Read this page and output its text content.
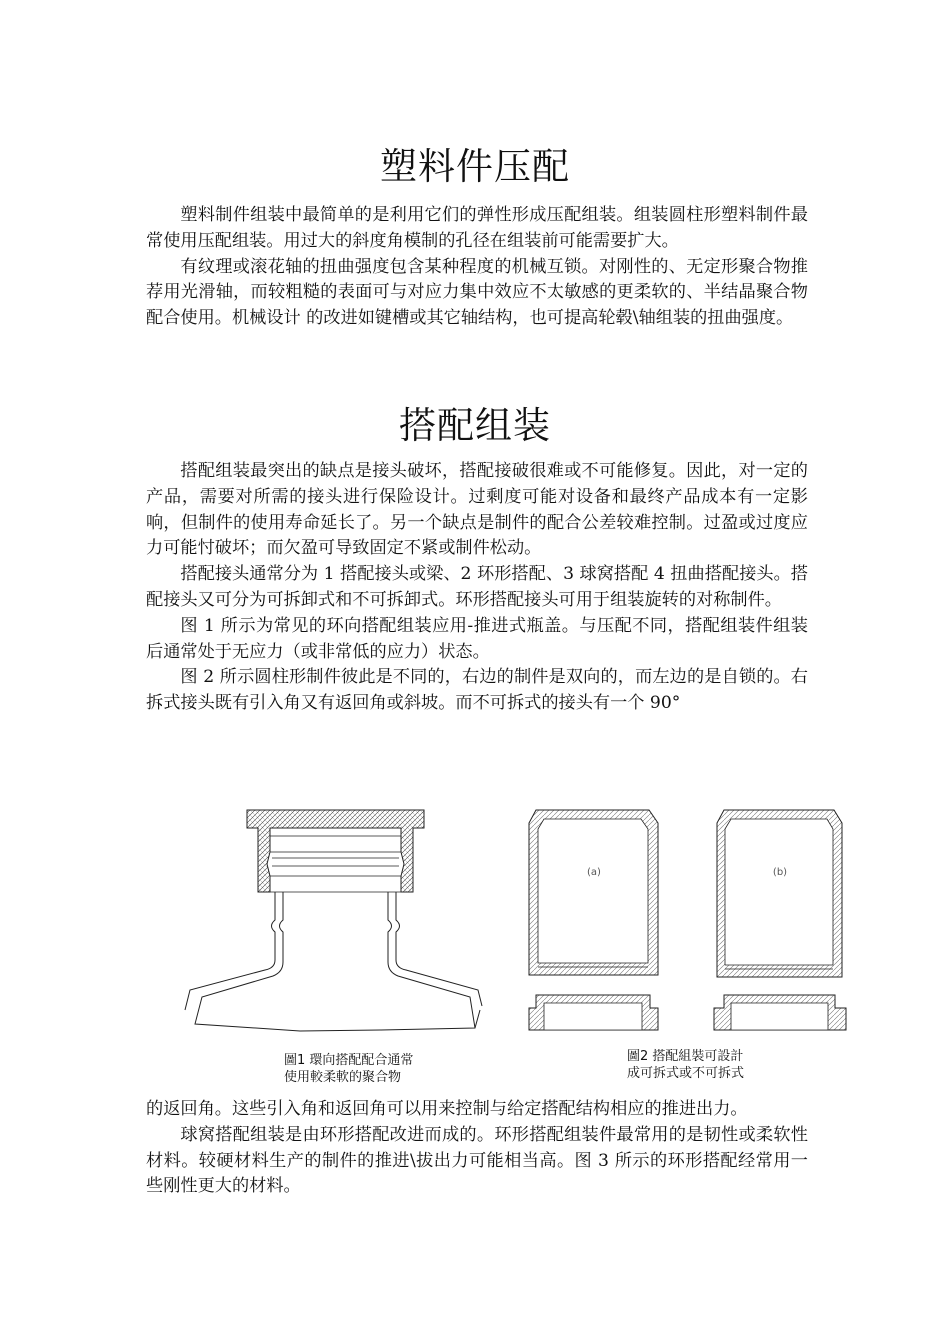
塑料件压配

塑料制件组装中最简单的是利用它们的弹性形成压配组装。组装圆柱形塑料制件最常使用压配组装。用过大的斜度角模制的孔径在组装前可能需要扩大。

有纹理或滚花轴的扭曲强度包含某种程度的机械互锁。对刚性的、无定形聚合物推荐用光滑轴，而较粗糙的表面可与对应力集中效应不太敏感的更柔软的、半结晶聚合物配合使用。机械设计 的改进如键槽或其它轴结构，也可提高轮毂\轴组装的扭曲强度。

搭配组装

搭配组装最突出的缺点是接头破坏，搭配接破很难或不可能修复。因此，对一定的产品，需要对所需的接头进行保险设计。过剩度可能对设备和最终产品成本有一定影响，但制件的使用寿命延长了。另一个缺点是制件的配合公差较难控制。过盈或过度应力可能忖破坏；而欠盈可导致固定不紧或制件松动。

搭配接头通常分为 1 搭配接头或梁、2 环形搭配、3 球窝搭配 4 扭曲搭配接头。搭配接头又可分为可拆卸式和不可拆卸式。环形搭配接头可用于组装旋转的对称制件。

图 1 所示为常见的环向搭配组装应用-推进式瓶盖。与压配不同，搭配组装件组装后通常处于无应力（或非常低的应力）状态。

图 2 所示圆柱形制件彼此是不同的，右边的制件是双向的，而左边的是自锁的。右拆式接头既有引入角又有返回角或斜坡。而不可拆式的接头有一个 90°

圖1 環向搭配配合通常
使用較柔軟的聚合物
(a)	(b)
圖2 搭配組裝可設計
成可拆式或不可拆式

的返回角。这些引入角和返回角可以用来控制与给定搭配结构相应的推进出力。

球窝搭配组装是由环形搭配改进而成的。环形搭配组装件最常用的是韧性或柔软性材料。较硬材料生产的制件的推进\拔出力可能相当高。图 3 所示的环形搭配经常用一些刚性更大的材料。
